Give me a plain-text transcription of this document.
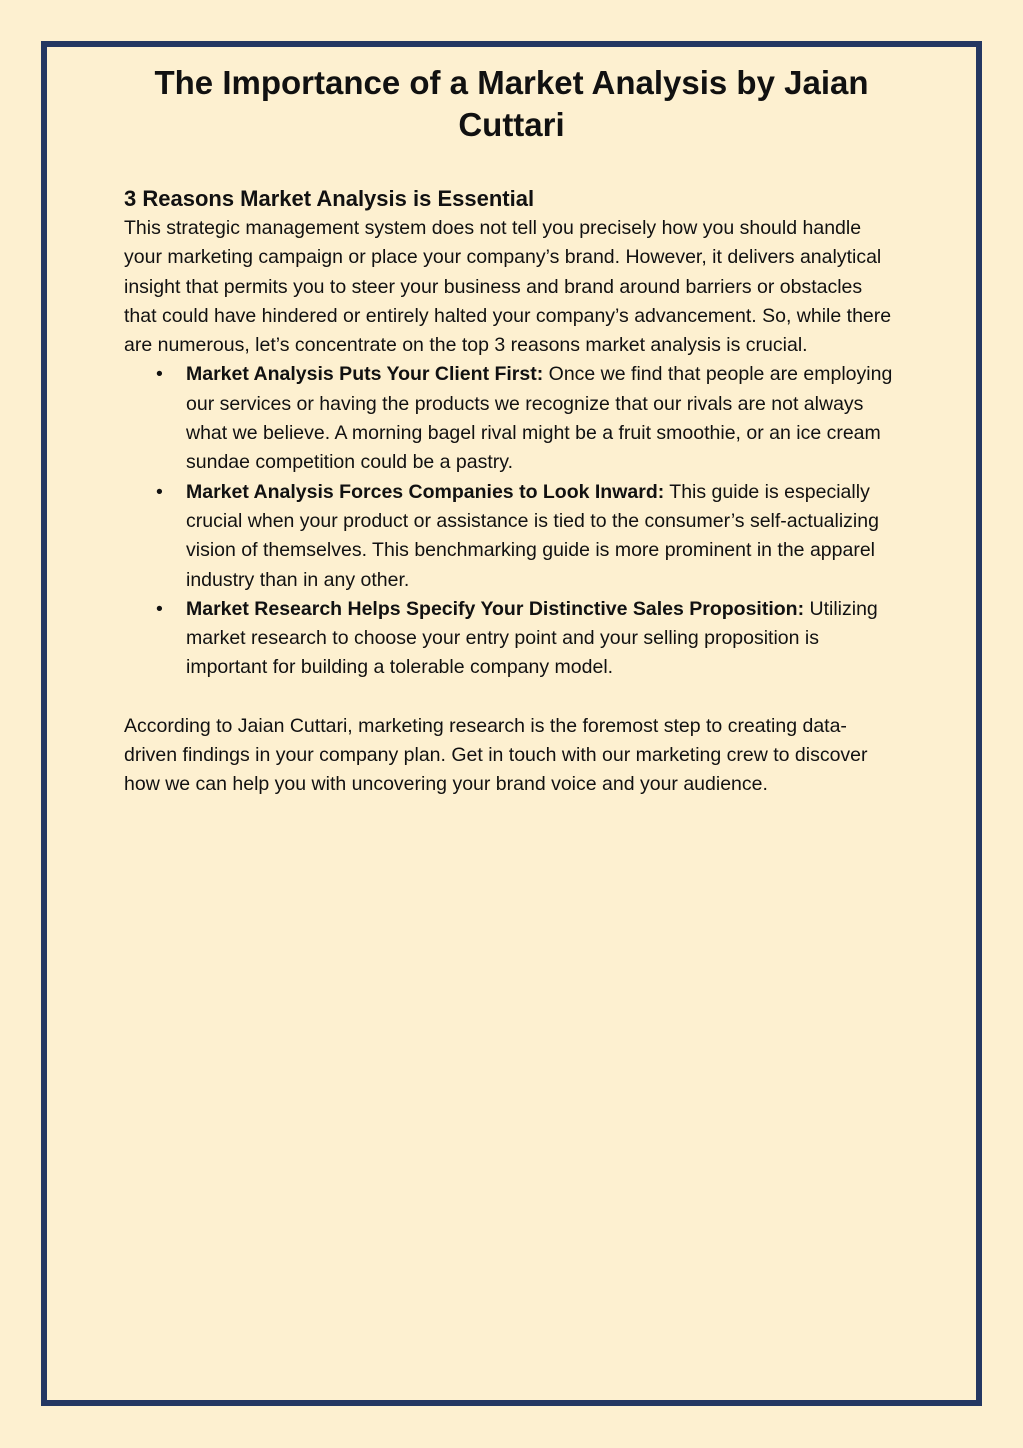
The Importance of a Market Analysis by Jaian Cuttari
3 Reasons Market Analysis is Essential

This strategic management system does not tell you precisely how you should handle your marketing campaign or place your company’s brand. However, it delivers analytical insight that permits you to steer your business and brand around barriers or obstacles that could have hindered or entirely halted your company’s advancement. So, while there are numerous, let’s concentrate on the top 3 reasons market analysis is crucial.

• Market Analysis Puts Your Client First: Once we find that people are employing our services or having the products we recognize that our rivals are not always what we believe. A morning bagel rival might be a fruit smoothie, or an ice cream sundae competition could be a pastry.
• Market Analysis Forces Companies to Look Inward: This guide is especially crucial when your product or assistance is tied to the consumer’s self-actualizing vision of themselves. This benchmarking guide is more prominent in the apparel industry than in any other.
• Market Research Helps Specify Your Distinctive Sales Proposition: Utilizing market research to choose your entry point and your selling proposition is important for building a tolerable company model.

According to Jaian Cuttari, marketing research is the foremost step to creating data-driven findings in your company plan. Get in touch with our marketing crew to discover how we can help you with uncovering your brand voice and your audience.
